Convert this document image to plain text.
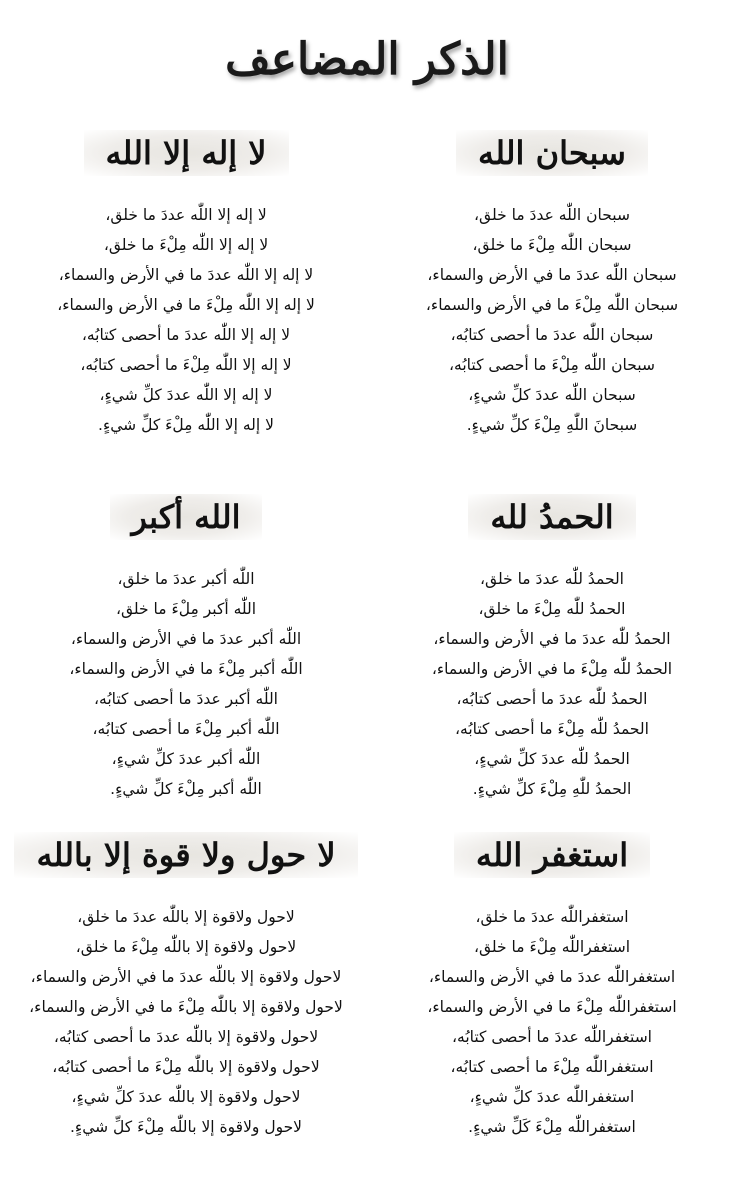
الذكر المضاعف
سبحان الله
سبحان اللّٰه عددَ ما خلق،
سبحان اللّٰه مِلْءَ ما خلق،
سبحان اللّٰه عددَ ما في الأرض والسماء،
سبحان اللّٰه مِلْءَ ما في الأرض والسماء،
سبحان اللّٰه عددَ ما أحصى كتابُه،
سبحان اللّٰه مِلْءَ ما أحصى كتابُه،
سبحان اللّٰه عددَ كلِّ شيءٍ،
سبحانَ اللّٰهِ مِلْءَ كلِّ شيءٍ.
لا إله إلا الله
لا إله إلا اللّٰه عددَ ما خلق،
لا إله إلا اللّٰه مِلْءَ ما خلق،
لا إله إلا اللّٰه عددَ ما في الأرض والسماء،
لا إله إلا اللّٰه مِلْءَ ما في الأرض والسماء،
لا إله إلا اللّٰه عددَ ما أحصى كتابُه،
لا إله إلا اللّٰه مِلْءَ ما أحصى كتابُه،
لا إله إلا اللّٰه عددَ كلِّ شيءٍ،
لا إله إلا اللّٰه مِلْءَ كلِّ شيءٍ.
الحمدُ لله
الحمدُ للّٰه عددَ ما خلق،
الحمدُ للّٰه مِلْءَ ما خلق،
الحمدُ للّٰه عددَ ما في الأرض والسماء،
الحمدُ للّٰه مِلْءَ ما في الأرض والسماء،
الحمدُ للّٰه عددَ ما أحصى كتابُه،
الحمدُ للّٰه مِلْءَ ما أحصى كتابُه،
الحمدُ للّٰه عددَ كلِّ شيءٍ،
الحمدُ للّٰهِ مِلْءَ كلِّ شيءٍ.
الله أكبر
اللّٰه أكبر عددَ ما خلق،
اللّٰه أكبر مِلْءَ ما خلق،
اللّٰه أكبر عددَ ما في الأرض والسماء،
اللّٰه أكبر مِلْءَ ما في الأرض والسماء،
اللّٰه أكبر عددَ ما أحصى كتابُه،
اللّٰه أكبر مِلْءَ ما أحصى كتابُه،
اللّٰه أكبر عددَ كلِّ شيءٍ،
اللّٰه أكبر مِلْءَ كلِّ شيءٍ.
استغفر الله
استغفراللّٰه عددَ ما خلق،
استغفراللّٰه مِلْءَ ما خلق،
استغفراللّٰه عددَ ما في الأرض والسماء،
استغفراللّٰه مِلْءَ ما في الأرض والسماء،
استغفراللّٰه عددَ ما أحصى كتابُه،
استغفراللّٰه مِلْءَ ما أحصى كتابُه،
استغفراللّٰه عددَ كلِّ شيءٍ،
استغفراللّٰه مِلْءَ كَلِّ شيءٍ.
لا حول ولا قوة إلا بالله
لاحول ولاقوة إلا باللّٰه عددَ ما خلق،
لاحول ولاقوة إلا باللّٰه مِلْءَ ما خلق،
لاحول ولاقوة إلا باللّٰه عددَ ما في الأرض والسماء،
لاحول ولاقوة إلا باللّٰه مِلْءَ ما في الأرض والسماء،
لاحول ولاقوة إلا باللّٰه عددَ ما أحصى كتابُه،
لاحول ولاقوة إلا باللّٰه مِلْءَ ما أحصى كتابُه،
لاحول ولاقوة إلا باللّٰه عددَ كلِّ شيءٍ،
لاحول ولاقوة إلا باللّٰه مِلْءَ كلِّ شيءٍ.
